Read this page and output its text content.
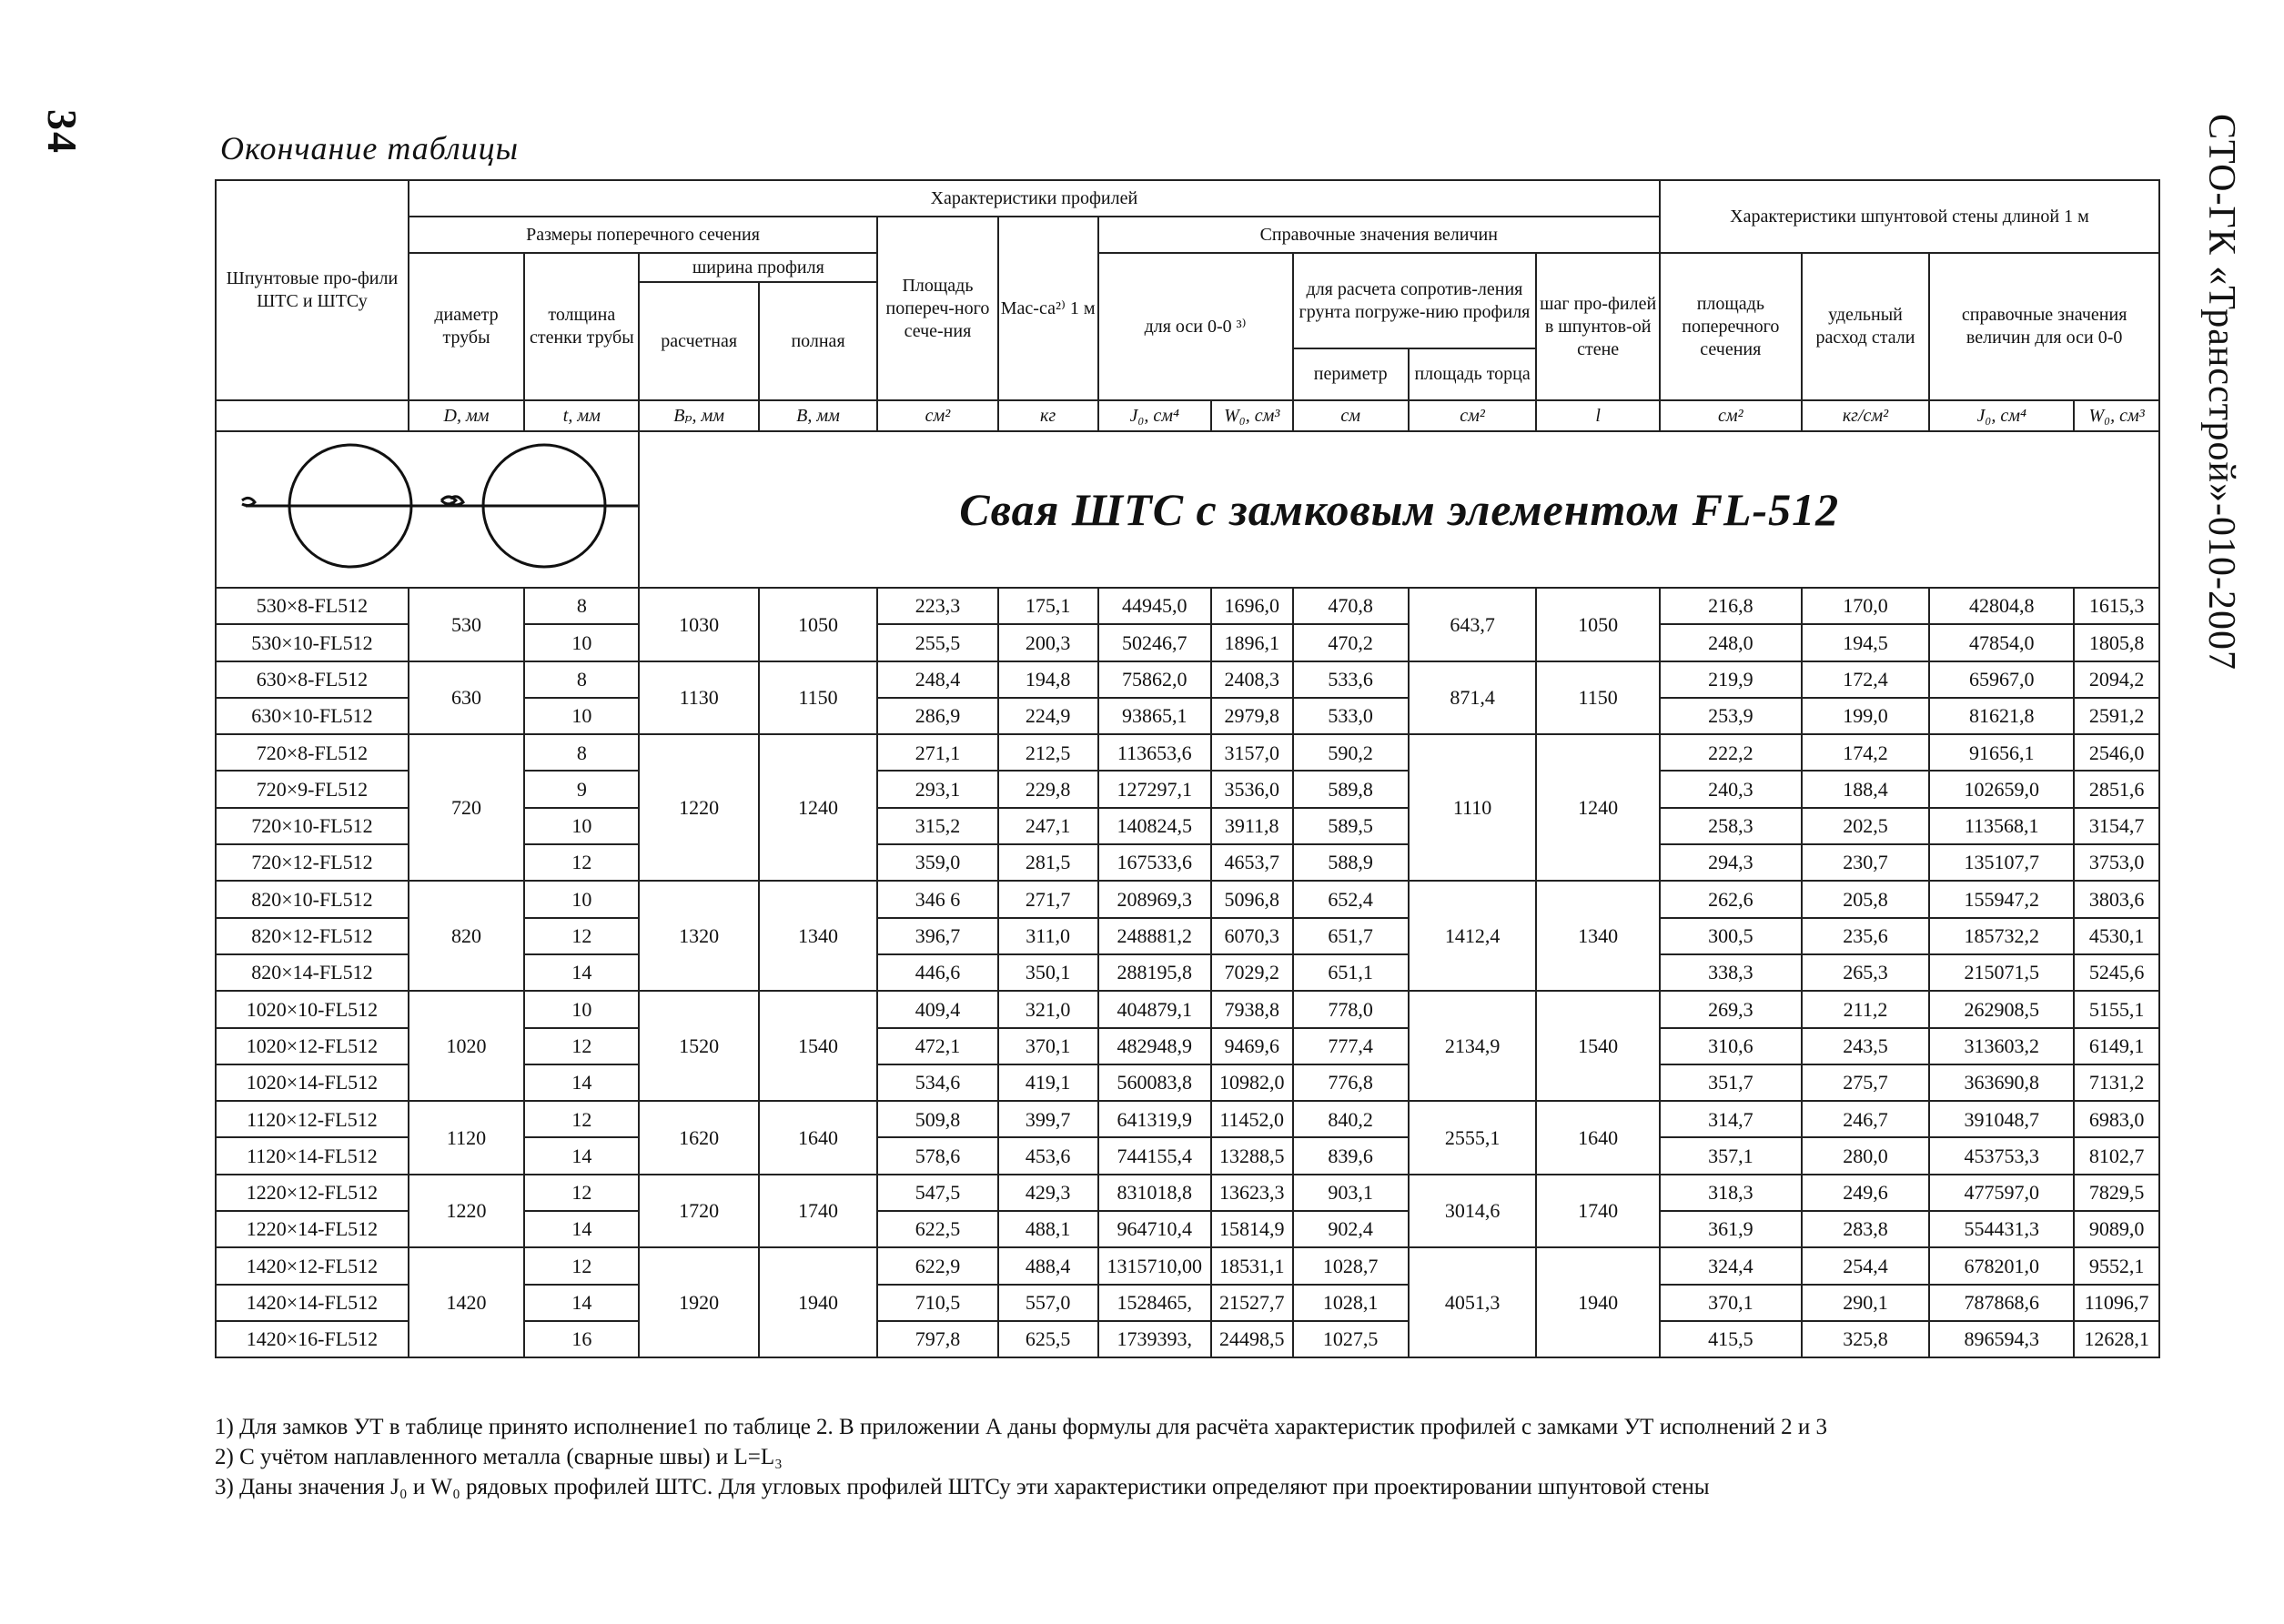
34	СТО-ГК «Трансстрой»-010-2007
Окончание таблицы
Шпунтовые про-фили ШТС и ШТСу	Характеристики профилей											Характеристики шпунтовой стены длиной 1 м			
	Размеры поперечного сечения				Площадь попереч-ного сече-ния	Мас-са²⁾ 1 м	Справочные значения величин								
	диаметр трубы	толщина стенки трубы	ширина профиля				для оси 0-0 ³⁾		для расчета сопротив-ления грунта погруже-нию профиля		шаг про-филей в шпунтов-ой стене	площадь поперечного сечения	удельный расход стали	справочные значения величин для оси 0-0	
			расчетная	полная											
									периметр	площадь торца					
	D, мм	t, мм	Bₚ, мм	B, мм	см²	кг	J₀, см⁴	W₀, см³	см	см²	l	см²	кг/см²	J₀, см⁴	W₀, см³
	Свая ШТС с замковым элементом FL-512												
530×8-FL512	530	8	1030	1050	223,3	175,1	44945,0	1696,0	470,8	643,7	1050	216,8	170,0	42804,8	1615,3
530×10-FL512		10			255,5	200,3	50246,7	1896,1	470,2			248,0	194,5	47854,0	1805,8
630×8-FL512	630	8	1130	1150	248,4	194,8	75862,0	2408,3	533,6	871,4	1150	219,9	172,4	65967,0	2094,2
630×10-FL512		10			286,9	224,9	93865,1	2979,8	533,0			253,9	199,0	81621,8	2591,2
720×8-FL512	720	8	1220	1240	271,1	212,5	113653,6	3157,0	590,2	1110	1240	222,2	174,2	91656,1	2546,0
720×9-FL512		9			293,1	229,8	127297,1	3536,0	589,8			240,3	188,4	102659,0	2851,6
720×10-FL512		10			315,2	247,1	140824,5	3911,8	589,5			258,3	202,5	113568,1	3154,7
720×12-FL512		12			359,0	281,5	167533,6	4653,7	588,9			294,3	230,7	135107,7	3753,0
820×10-FL512	820	10	1320	1340	346 6	271,7	208969,3	5096,8	652,4	1412,4	1340	262,6	205,8	155947,2	3803,6
820×12-FL512		12			396,7	311,0	248881,2	6070,3	651,7			300,5	235,6	185732,2	4530,1
820×14-FL512		14			446,6	350,1	288195,8	7029,2	651,1			338,3	265,3	215071,5	5245,6
1020×10-FL512	1020	10	1520	1540	409,4	321,0	404879,1	7938,8	778,0	2134,9	1540	269,3	211,2	262908,5	5155,1
1020×12-FL512		12			472,1	370,1	482948,9	9469,6	777,4			310,6	243,5	313603,2	6149,1
1020×14-FL512		14			534,6	419,1	560083,8	10982,0	776,8			351,7	275,7	363690,8	7131,2
1120×12-FL512	1120	12	1620	1640	509,8	399,7	641319,9	11452,0	840,2	2555,1	1640	314,7	246,7	391048,7	6983,0
1120×14-FL512		14			578,6	453,6	744155,4	13288,5	839,6			357,1	280,0	453753,3	8102,7
1220×12-FL512	1220	12	1720	1740	547,5	429,3	831018,8	13623,3	903,1	3014,6	1740	318,3	249,6	477597,0	7829,5
1220×14-FL512		14			622,5	488,1	964710,4	15814,9	902,4			361,9	283,8	554431,3	9089,0
1420×12-FL512	1420	12	1920	1940	622,9	488,4	1315710,00	18531,1	1028,7	4051,3	1940	324,4	254,4	678201,0	9552,1
1420×14-FL512		14			710,5	557,0	1528465,	21527,7	1028,1			370,1	290,1	787868,6	11096,7
1420×16-FL512		16			797,8	625,5	1739393,	24498,5	1027,5			415,5	325,8	896594,3	12628,1
1) Для замков УТ в таблице принято исполнение1 по таблице 2. В приложении А даны формулы для расчёта характеристик профилей с замками УТ исполнений 2 и 3
2) С учётом наплавленного металла (сварные швы) и L=L₃
3) Даны значения J₀ и W₀ рядовых профилей ШТС. Для угловых профилей ШТСу эти характеристики определяют при проектировании шпунтовой стены
